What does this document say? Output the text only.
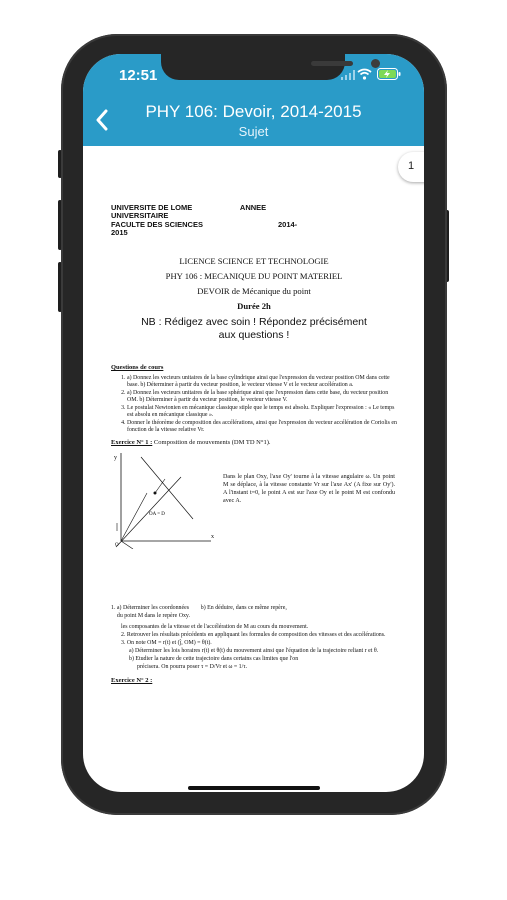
12:51
PHY 106: Devoir, 2014-2015
Sujet
1
UNIVERSITE DE LOME                       ANNEE
UNIVERSITAIRE
FACULTE DES SCIENCES                                    2014-
2015
LICENCE SCIENCE ET TECHNOLOGIE
PHY 106 : MECANIQUE DU POINT MATERIEL
DEVOIR de Mécanique du point
Durée 2h
NB : Rédigez avec soin ! Répondez précisément
aux questions !
Questions de cours
1. a) Donnez les vecteurs unitaires de la base cylindrique ainsi que l'expression du vecteur position OM dans cette base. b) Déterminer à partir du vecteur position, le vecteur vitesse V et le vecteur accélération a.
2. a) Donnez les vecteurs unitaires de la base sphérique ainsi que l'expression dans cette base, du vecteur position OM. b) Déterminer à partir du vecteur position, le vecteur vitesse V.
3. Le postulat Newtonien en mécanique classique stiple que le temps est absolu. Expliquer l'expression : « Le temps est absolu en mécanique classique ».
4. Donner le théorème de composition des accélérations, ainsi que l'expression du vecteur accélération de Coriolis en fonction de la vitesse relative Vr.
Exercice N° 1 : Composition de mouvements (DM TD N°1).
y
x
OA = D
O
Dans le plan Oxy, l'axe Oy' tourne à la vitesse angulaire ω. Un point M se déplace, à la vitesse constante Vr sur l'axe Ax' (A fixe sur Oy'). A l'instant t=0, le point A est sur l'axe Oy et le point M est confondu avec A.
1. a) Déterminer les coordonnées        b) En déduire, dans ce même repère,
du point M dans le repère Oxy.
les composantes de la vitesse et de l'accélération de M au cours du mouvement.
2. Retrouver les résultats précédents en appliquant les formules de composition des vitesses et des accélérations.
3. On note OM = r(t) et (ĵ, OM) = θ(t).
a) Déterminer les lois horaires r(t) et θ(t) du mouvement ainsi que l'équation de la trajectoire reliant r et θ.
b) Etudier la nature de cette trajectoire dans certains cas limites que l'on
précisera. On pourra poser τ = D/Vr et ω = 1/τ.
Exercice N° 2 :
